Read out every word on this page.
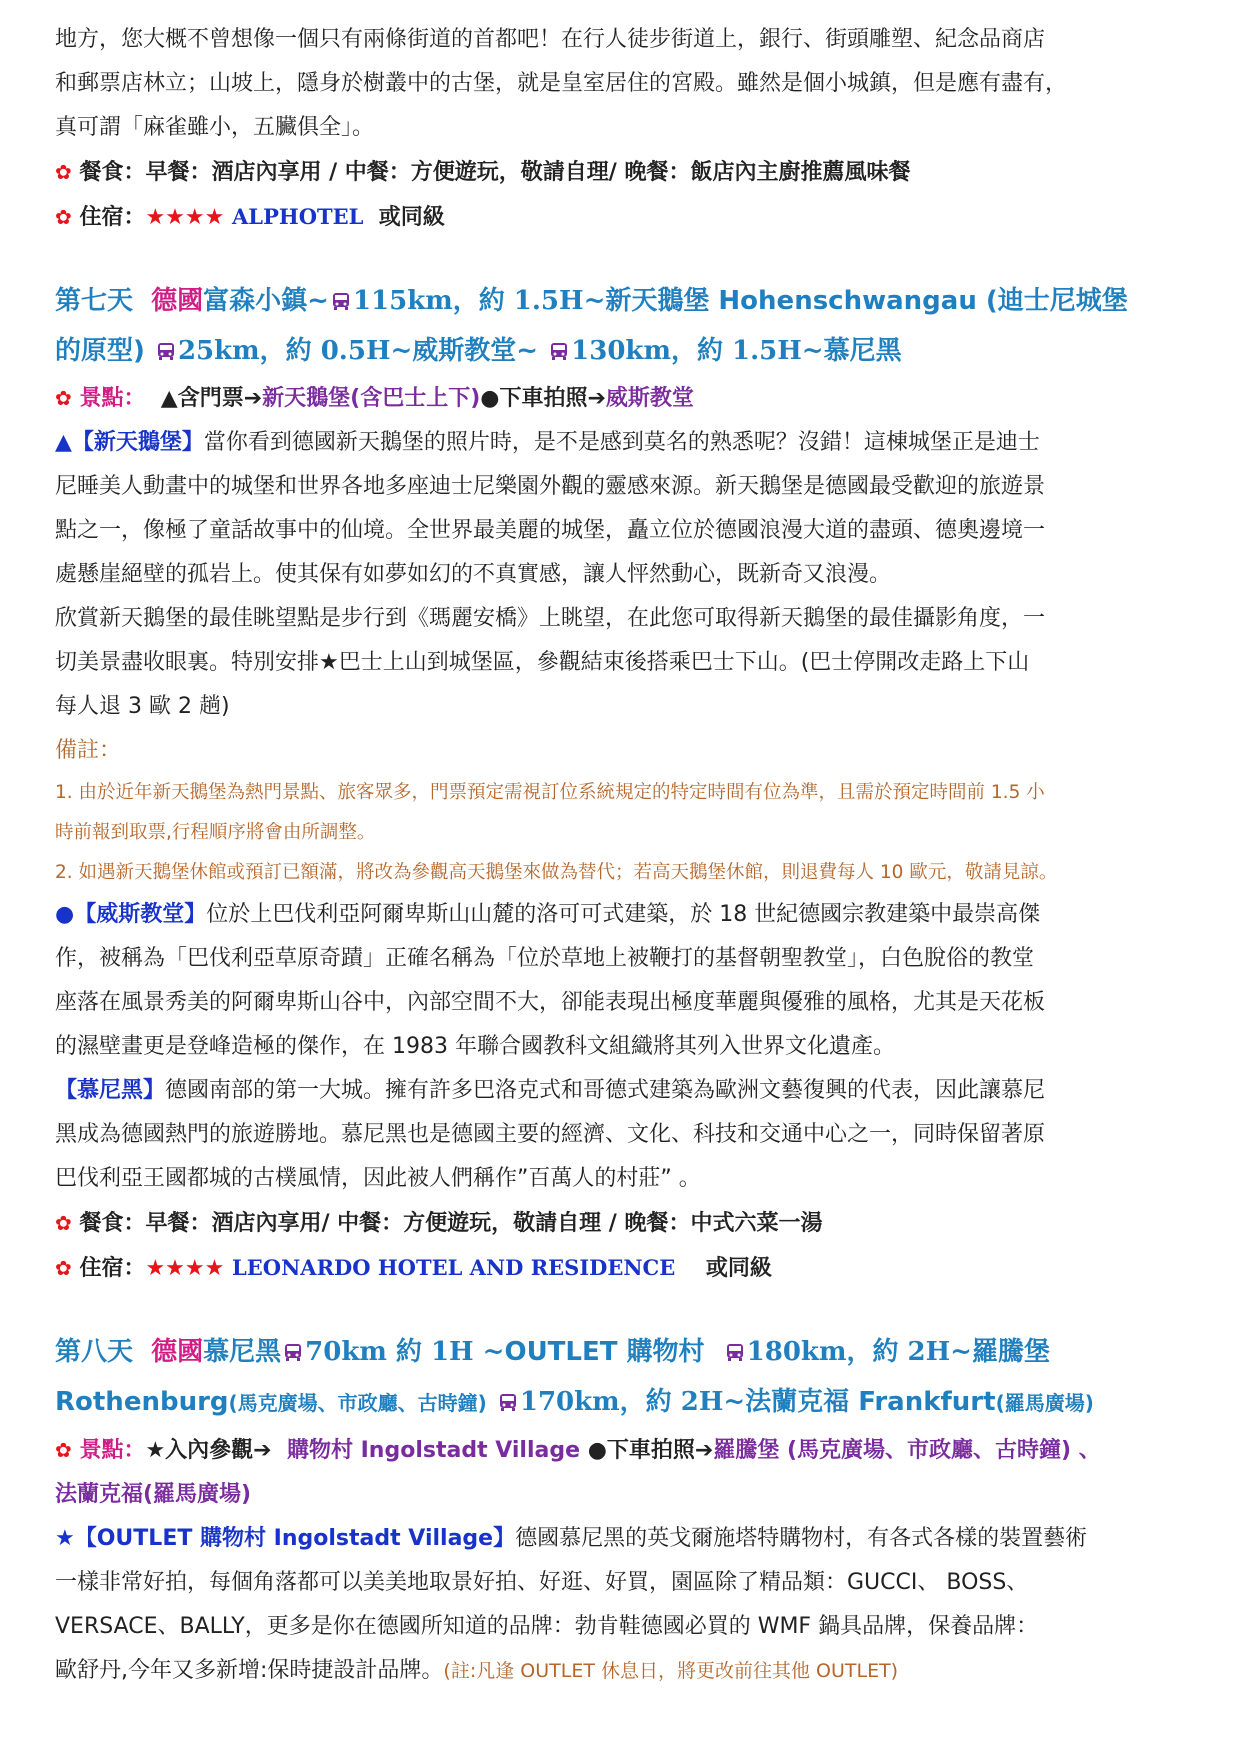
地方，您大概不曾想像一個只有兩條街道的首都吧！在行人徒步街道上，銀行、街頭雕塑、紀念品商店

和郵票店林立；山坡上，隱身於樹叢中的古堡，就是皇室居住的宮殿。雖然是個小城鎮，但是應有盡有，

真可謂「麻雀雖小，五臟俱全」。

✿ 餐食：早餐：酒店內享用 / 中餐：方便遊玩，敬請自理/ 晚餐：飯店內主廚推薦風味餐

✿ 住宿：★★★★ ALPHOTEL 或同級

第七天 德國富森小鎮~ 115km，約 1.5H~新天鵝堡 Hohenschwangau (迪士尼城堡

的原型) 25km，約 0.5H~威斯教堂~ 130km，約 1.5H~慕尼黑

✿ 景點： ▲含門票➔新天鵝堡(含巴士上下)●下車拍照➔威斯教堂

▲【新天鵝堡】當你看到德國新天鵝堡的照片時，是不是感到莫名的熟悉呢？沒錯！這棟城堡正是迪士

尼睡美人動畫中的城堡和世界各地多座迪士尼樂園外觀的靈感來源。新天鵝堡是德國最受歡迎的旅遊景

點之一，像極了童話故事中的仙境。全世界最美麗的城堡，矗立位於德國浪漫大道的盡頭、德奧邊境一

處懸崖絕壁的孤岩上。使其保有如夢如幻的不真實感，讓人怦然動心，既新奇又浪漫。

欣賞新天鵝堡的最佳眺望點是步行到《瑪麗安橋》上眺望，在此您可取得新天鵝堡的最佳攝影角度，一

切美景盡收眼裏。特別安排★巴士上山到城堡區，參觀結束後搭乘巴士下山。(巴士停開改走路上下山

每人退 3 歐 2 趟)

備註：

1. 由於近年新天鵝堡為熱門景點、旅客眾多，門票預定需視訂位系統規定的特定時間有位為準，且需於預定時間前 1.5 小

時前報到取票,行程順序將會由所調整。

2. 如遇新天鵝堡休館或預訂已額滿，將改為參觀高天鵝堡來做為替代；若高天鵝堡休館，則退費每人 10 歐元，敬請見諒。

●【威斯教堂】位於上巴伐利亞阿爾卑斯山山麓的洛可可式建築，於 18 世紀德國宗教建築中最崇高傑

作，被稱為「巴伐利亞草原奇蹟」正確名稱為「位於草地上被鞭打的基督朝聖教堂」，白色脫俗的教堂

座落在風景秀美的阿爾卑斯山谷中，內部空間不大，卻能表現出極度華麗與優雅的風格，尤其是天花板

的濕壁畫更是登峰造極的傑作，在 1983 年聯合國教科文組織將其列入世界文化遺產。

【慕尼黑】德國南部的第一大城。擁有許多巴洛克式和哥德式建築為歐洲文藝復興的代表，因此讓慕尼

黑成為德國熱門的旅遊勝地。慕尼黑也是德國主要的經濟、文化、科技和交通中心之一，同時保留著原

巴伐利亞王國都城的古樸風情，因此被人們稱作”百萬人的村莊” 。

✿ 餐食：早餐：酒店內享用/ 中餐：方便遊玩，敬請自理 / 晚餐：中式六菜一湯

✿ 住宿：★★★★ LEONARDO HOTEL AND RESIDENCE 或同級

第八天 德國慕尼黑 70km 約 1H ~OUTLET 購物村 180km，約 2H~羅騰堡

Rothenburg(馬克廣場、市政廳、古時鐘) 170km，約 2H~法蘭克福 Frankfurt(羅馬廣場)

✿ 景點：★入內參觀➔ 購物村 Ingolstadt Village ●下車拍照➔羅騰堡 (馬克廣場、市政廳、古時鐘) 、

法蘭克福(羅馬廣場)

★【OUTLET 購物村 Ingolstadt Village】德國慕尼黑的英戈爾施塔特購物村，有各式各樣的裝置藝術

一樣非常好拍，每個角落都可以美美地取景好拍、好逛、好買，園區除了精品類：GUCCI、 BOSS、

VERSACE、BALLY，更多是你在德國所知道的品牌：勃肯鞋德國必買的 WMF 鍋具品牌，保養品牌：

歐舒丹,今年又多新增:保時捷設計品牌。(註:凡逢 OUTLET 休息日，將更改前往其他 OUTLET)
